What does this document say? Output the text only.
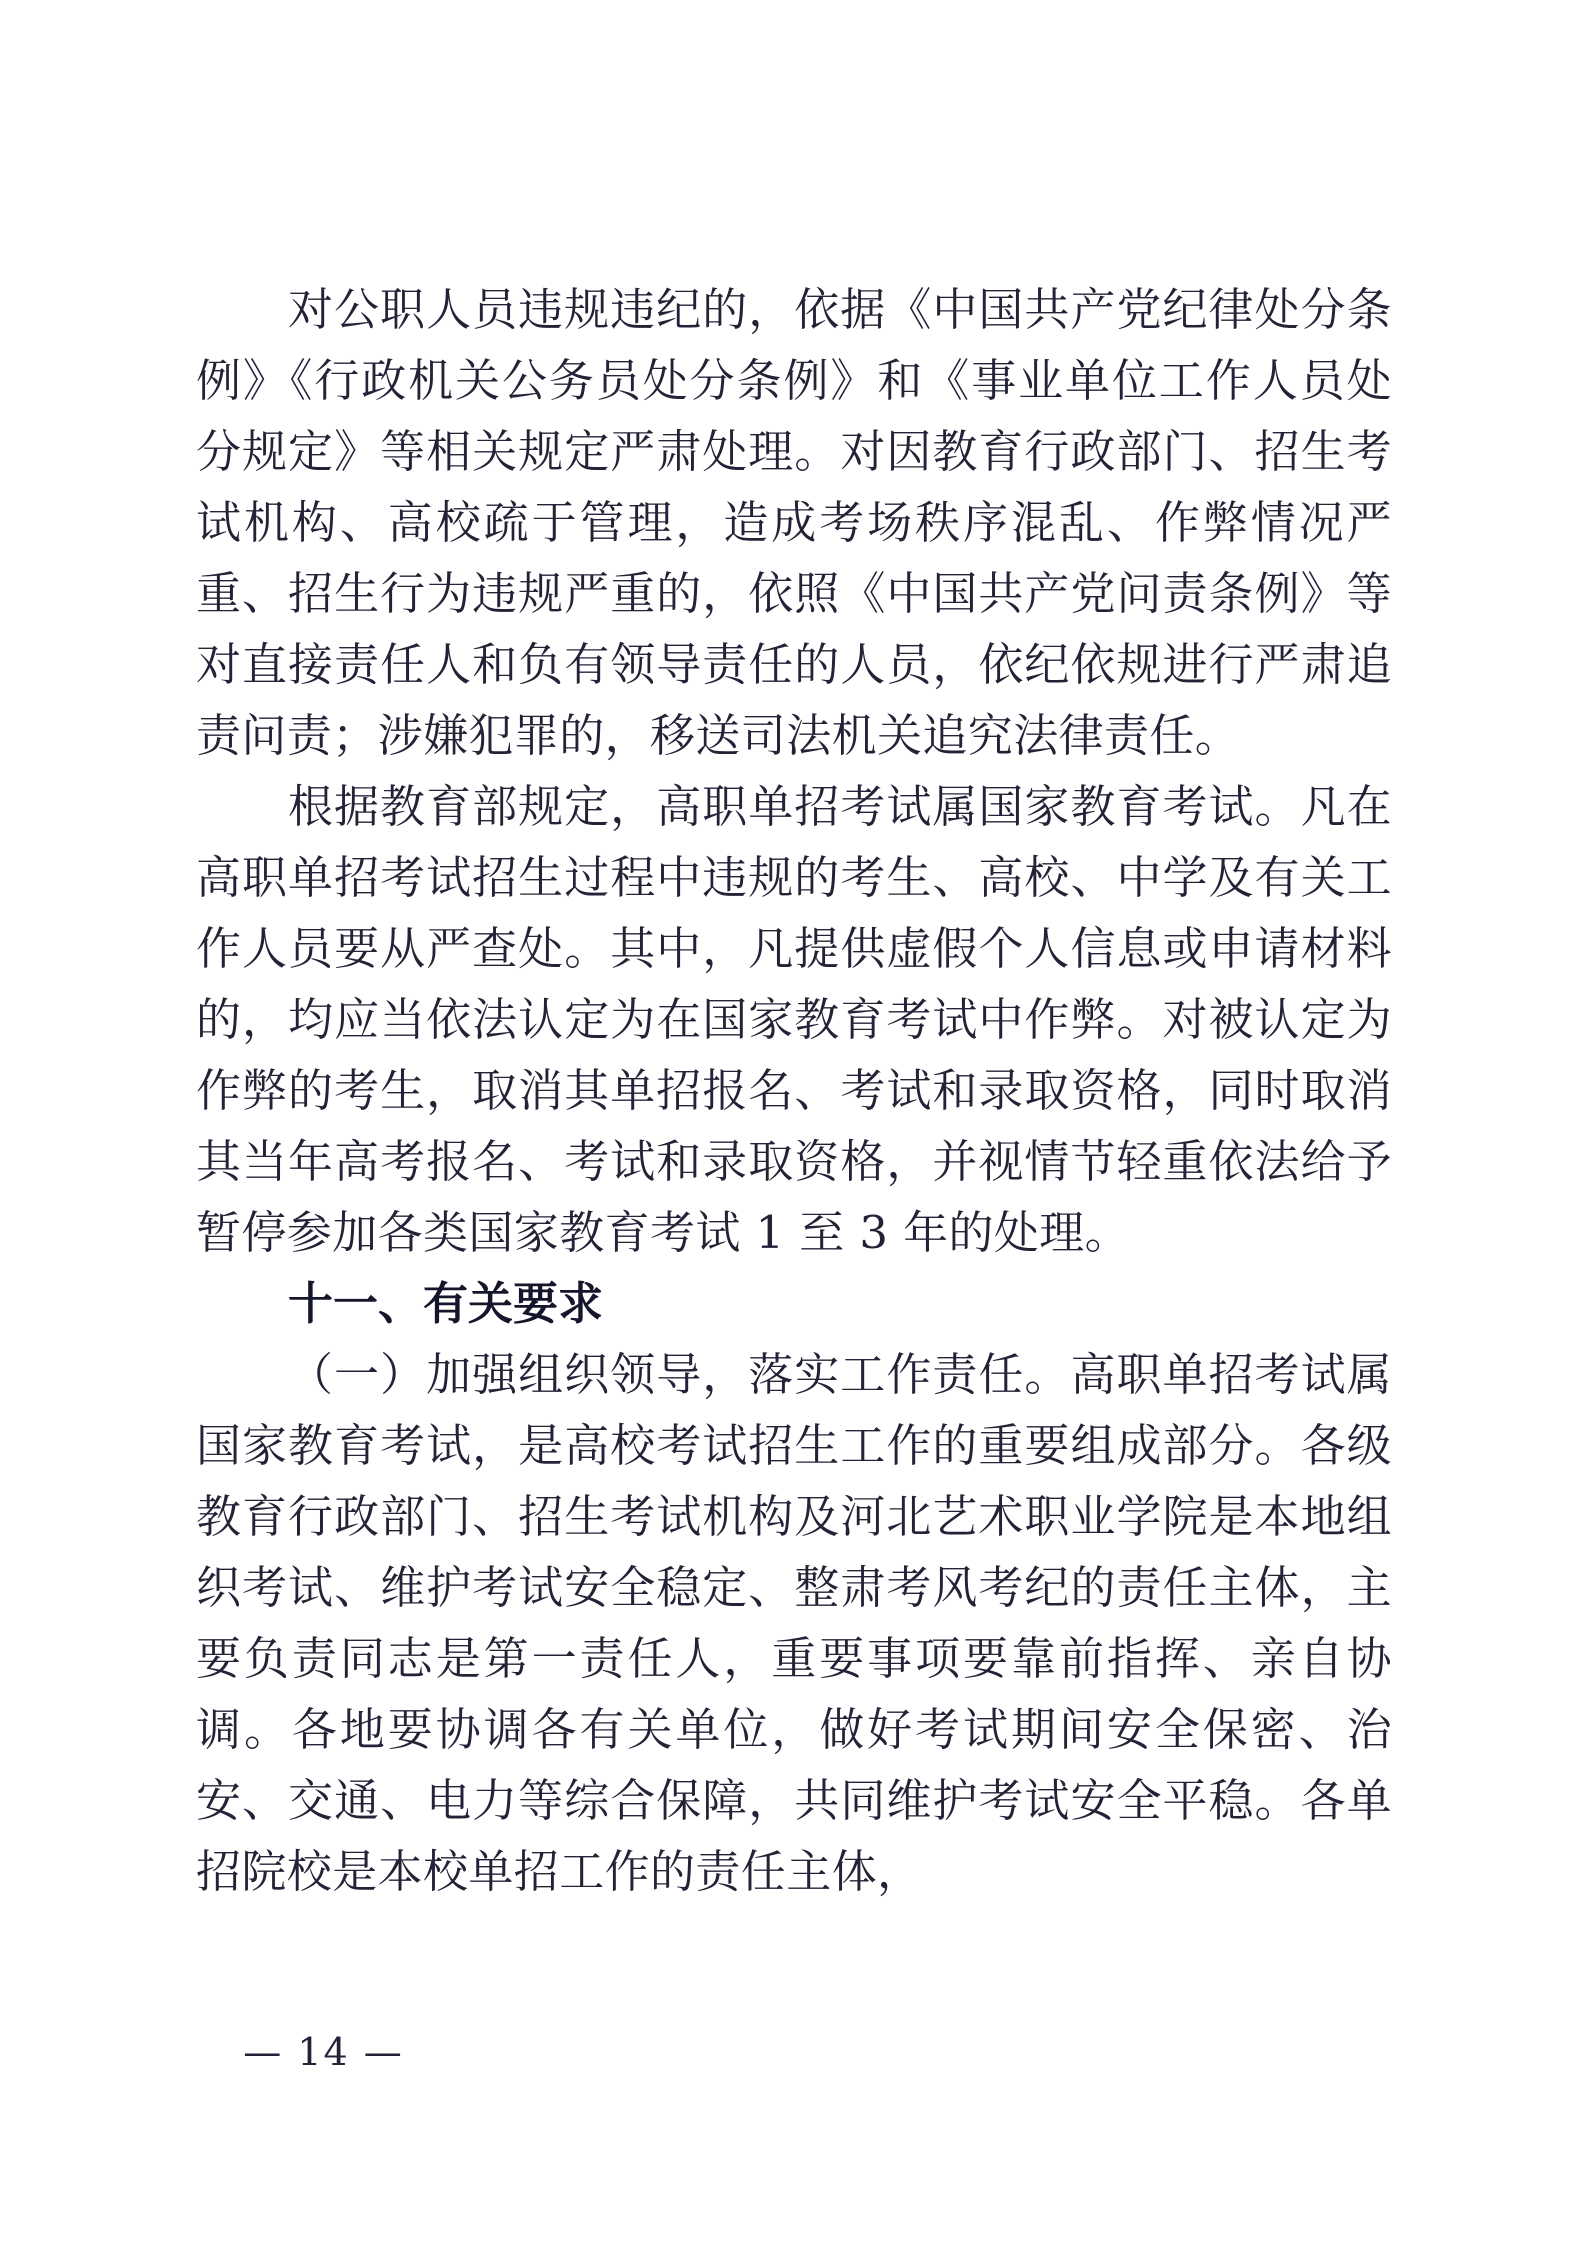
对公职人员违规违纪的，依据《中国共产党纪律处分条例》《行政机关公务员处分条例》和《事业单位工作人员处分规定》等相关规定严肃处理。对因教育行政部门、招生考试机构、高校疏于管理，造成考场秩序混乱、作弊情况严重、招生行为违规严重的，依照《中国共产党问责条例》等对直接责任人和负有领导责任的人员，依纪依规进行严肃追责问责；涉嫌犯罪的，移送司法机关追究法律责任。

根据教育部规定，高职单招考试属国家教育考试。凡在高职单招考试招生过程中违规的考生、高校、中学及有关工作人员要从严查处。其中，凡提供虚假个人信息或申请材料的，均应当依法认定为在国家教育考试中作弊。对被认定为作弊的考生，取消其单招报名、考试和录取资格，同时取消其当年高考报名、考试和录取资格，并视情节轻重依法给予暂停参加各类国家教育考试 1 至 3 年的处理。

十一、有关要求

（一）加强组织领导，落实工作责任。高职单招考试属国家教育考试，是高校考试招生工作的重要组成部分。各级教育行政部门、招生考试机构及河北艺术职业学院是本地组织考试、维护考试安全稳定、整肃考风考纪的责任主体，主要负责同志是第一责任人，重要事项要靠前指挥、亲自协调。各地要协调各有关单位，做好考试期间安全保密、治安、交通、电力等综合保障，共同维护考试安全平稳。各单招院校是本校单招工作的责任主体，

— 14 —
